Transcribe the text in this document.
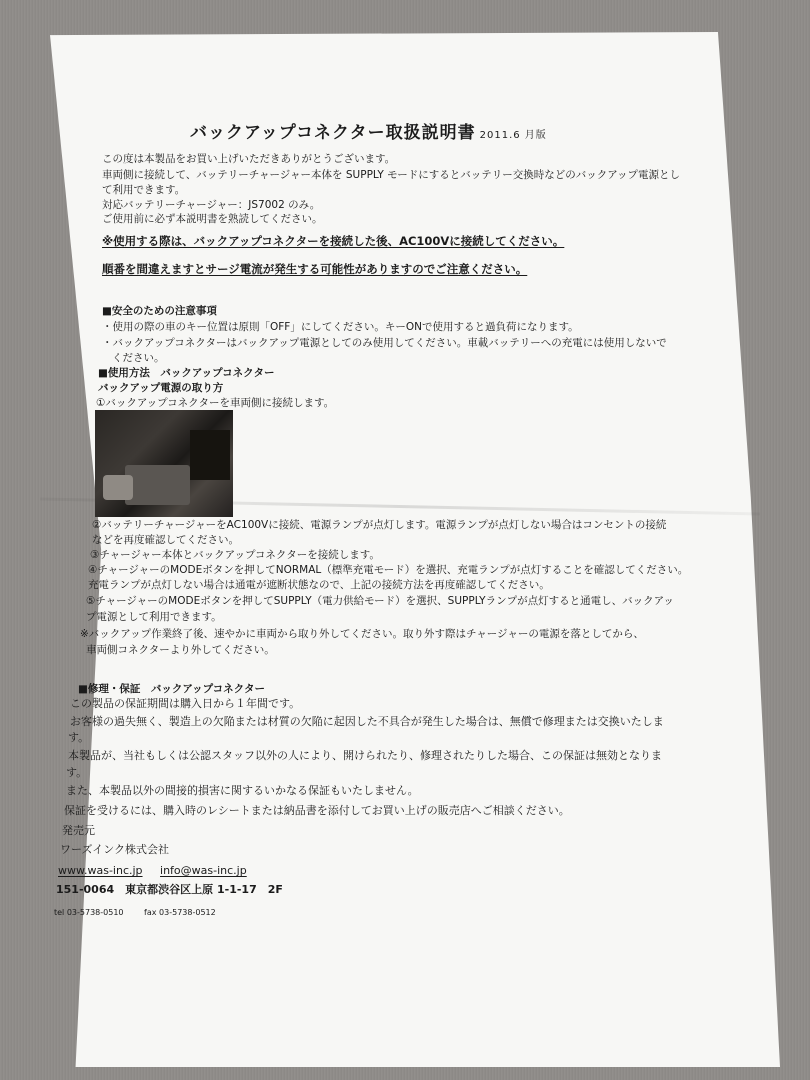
バックアップコネクター取扱説明書 2011.6 月版
この度は本製品をお買い上げいただきありがとうございます。
車両側に接続して、バッテリーチャージャー本体を SUPPLY モードにするとバッテリー交換時などのバックアップ電源とし
て利用できます。
対応バッテリーチャージャー：JS7002 のみ。
ご使用前に必ず本説明書を熟読してください。
※使用する際は、バックアップコネクターを接続した後、AC100Vに接続してください。
順番を間違えますとサージ電流が発生する可能性がありますのでご注意ください。
■安全のための注意事項
・使用の際の車のキー位置は原則「OFF」にしてください。キーONで使用すると過負荷になります。
・バックアップコネクターはバックアップ電源としてのみ使用してください。車載バッテリーへの充電には使用しないで
ください。
■使用方法　バックアップコネクター
バックアップ電源の取り方
①バックアップコネクターを車両側に接続します。
②バッテリーチャージャーをAC100Vに接続、電源ランプが点灯します。電源ランプが点灯しない場合はコンセントの接続
などを再度確認してください。
③チャージャー本体とバックアップコネクターを接続します。
④チャージャーのMODEボタンを押してNORMAL（標準充電モード）を選択、充電ランプが点灯することを確認してください。
充電ランプが点灯しない場合は通電が遮断状態なので、上記の接続方法を再度確認してください。
⑤チャージャーのMODEボタンを押してSUPPLY（電力供給モード）を選択、SUPPLYランプが点灯すると通電し、バックアッ
プ電源として利用できます。
※バックアップ作業終了後、速やかに車両から取り外してください。取り外す際はチャージャーの電源を落としてから、
車両側コネクターより外してください。
■修理・保証　バックアップコネクター
この製品の保証期間は購入日から１年間です。
お客様の過失無く、製造上の欠陥または材質の欠陥に起因した不具合が発生した場合は、無償で修理または交換いたしま
す。
本製品が、当社もしくは公認スタッフ以外の人により、開けられたり、修理されたりした場合、この保証は無効となりま
す。
また、本製品以外の間接的損害に関するいかなる保証もいたしません。
保証を受けるには、購入時のレシートまたは納品書を添付してお買い上げの販売店へご相談ください。
発売元
ワーズインク株式会社
www.was-inc.jp info@was-inc.jp
151-0064　東京都渋谷区上原 1-1-17　2F
tel 03-5738-0510	fax 03-5738-0512
